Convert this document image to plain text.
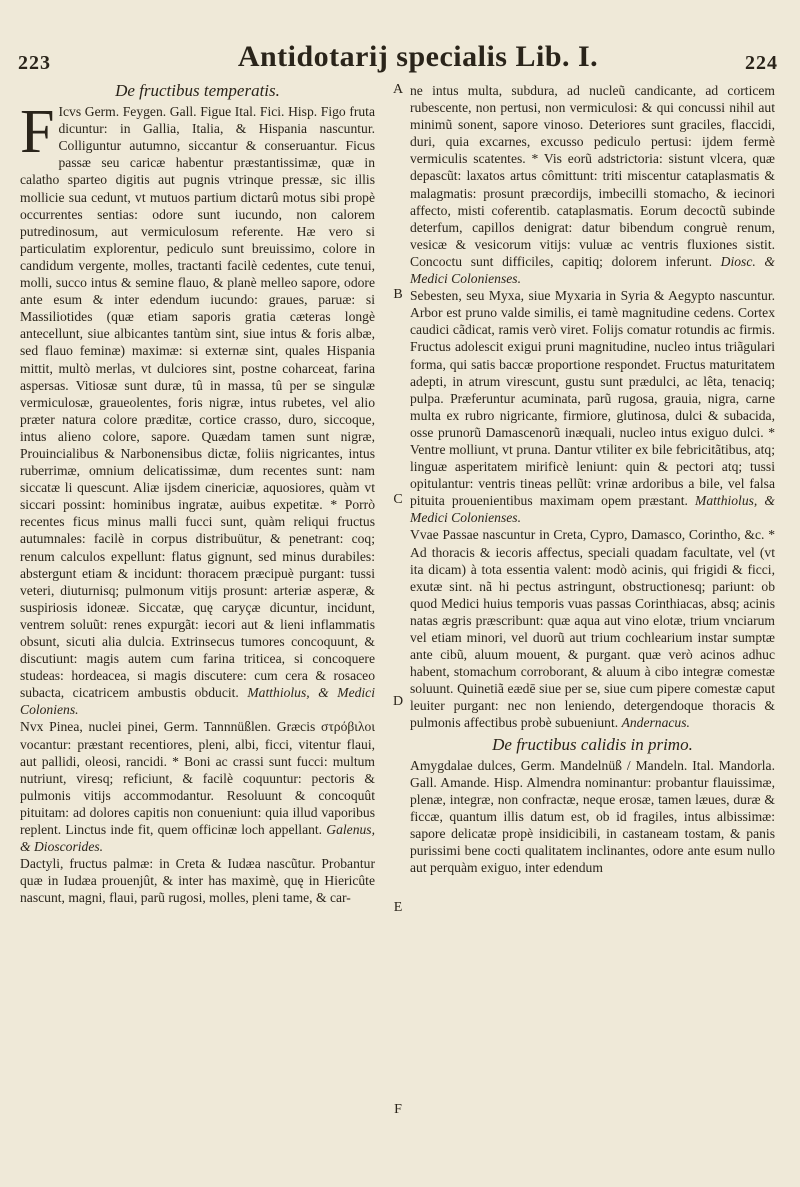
223	Antidotarij specialis Lib. I.	224
De fructibus temperatis.

F Icvs Germ. Feygen. Gall. Figue Ital. Fici. Hisp. Figo fruta dicuntur: in Gallia, Italia, & Hispania nascuntur. Colliguntur autumno, siccantur & conseruantur. Ficus passæ seu caricæ habentur præstantissimæ, quæ in calatho sparteo digitis aut pugnis vtrinque pressæ, sic illis mollicie sua cedunt, vt mutuos partium dictarû motus sibi propè occurrentes sentias: odore sunt iucundo, non calorem putredinosum, aut vermiculosum referente. Hæ vero si particulatim explorentur, pediculo sunt breuissimo, colore in candidum vergente, molles, tractanti facilè cedentes, cute tenui, molli, succo intus & semine flauo, & planè melleo sapore, odore ante esum & inter edendum iucundo: graues, paruæ: si Massiliotides (quæ etiam saporis gratia cæteras longè antecellunt, siue albicantes tantùm sint, siue intus & foris albæ, sed flauo feminæ) maximæ: si externæ sint, quales Hispania mittit, multò merlas, vt dulciores sint, postne coharceat, farina aspersas. Vitiosæ sunt duræ, tû in massa, tû per se singulæ vermiculosæ, graueolentes, foris nigræ, intus rubetes, vel alio præter natura colore præditæ, cortice crasso, duro, siccoque, intus alieno colore, sapore. Quædam tamen sunt nigræ, Prouincialibus & Narbonensibus dictæ, foliis nigricantes, intus ruberrimæ, omnium delicatissimæ, dum recentes sunt: nam siccatæ li quescunt. Aliæ ijsdem cinericiæ, aquosiores, quàm vt siccari possint: hominibus ingratæ, auibus expetitæ. * Porrò recentes ficus minus malli fucci sunt, quàm reliqui fructus autumnales: facilè in corpus distribuütur, & penetrant: coq; renum calculos expellunt: flatus gignunt, sed minus durabiles: abstergunt etiam & incidunt: thoracem præcipuè purgant: tussi veteri, diuturnisq; pulmonum vitijs prosunt: arteriæ asperæ, & suspiriosis idoneæ. Siccatæ, quę caryçæ dicuntur, incidunt, ventrem soluũt: renes expurgãt: iecori aut & lieni inflammatis obsunt, sicuti alia dulcia. Extrinsecus tumores concoquunt, & discutiunt: magis autem cum farina triticea, si concoquere studeas: hordeacea, si magis discutere: cum cera & rosaceo subacta, cicatricem ambustis obducit. Matthiolus, & Medici Coloniens.

Nvx Pinea, nuclei pinei, Germ. Tannnüßlen. Græcis στρόβιλοι vocantur: præstant recentiores, pleni, albi, ficci, vitentur flaui, aut pallidi, oleosi, rancidi. * Boni ac crassi sunt fucci: multum nutriunt, viresq; reficiunt, & facilè coquuntur: pectoris & pulmonis vitijs accommodantur. Resoluunt & concoquût pituitam: ad dolores capitis non conueniunt: quia illud vaporibus replent. Linctus inde fit, quem officinæ loch appellant. Galenus, & Dioscorides.

Dactyli, fructus palmæ: in Creta & Iudæa nascũtur. Probantur quæ in Iudæa prouenjût, & inter has maximè, quę in Hiericûte nascunt, magni, flaui, parũ rugosi, molles, pleni tame, & car-

A
B
C
D
E
F

ne intus multa, subdura, ad nucleũ candicante, ad corticem rubescente, non pertusi, non vermiculosi: & qui concussi nihil aut minimũ sonent, sapore vinoso. Deteriores sunt graciles, flaccidi, duri, quia excarnes, excusso pediculo pertusi: ijdem fermè vermiculis scatentes. * Vis eorũ adstrictoria: sistunt vlcera, quæ depascũt: laxatos artus cômittunt: triti miscentur cataplasmatis & malagmatis: prosunt præcordijs, imbecilli stomacho, & iecinori affecto, misti coferentib. cataplasmatis. Eorum decoctũ subinde deterfum, capillos denigrat: datur bibendum congruè renum, vesicæ & vesicorum vitijs: vuluæ ac ventris fluxiones sistit. Concoctu sunt difficiles, capitiq; dolorem inferunt. Diosc. & Medici Colonienses.

Sebesten, seu Myxa, siue Myxaria in Syria & Aegypto nascuntur. Arbor est pruno valde similis, ei tamè magnitudine cedens. Cortex caudici cãdicat, ramis verò viret. Folijs comatur rotundis ac firmis. Fructus adolescit exigui pruni magnitudine, nucleo intus triãgulari forma, qui satis baccæ proportione respondet. Fructus maturitatem adepti, in atrum virescunt, gustu sunt prædulci, ac lêta, tenaciq; pulpa. Præferuntur acuminata, parũ rugosa, grauia, nigra, carne multa ex rubro nigricante, firmiore, glutinosa, dulci & subacida, osse prunorũ Damascenorũ inæquali, nucleo intus exiguo dulci. * Ventre molliunt, vt pruna. Dantur vtiliter ex bile febricitãtibus, atq; linguæ asperitatem mirificè leniunt: quin & pectori atq; tussi opitulantur: ventris tineas pellũt: vrinæ ardoribus a bile, vel falsa pituita prouenientibus maximam opem præstant. Matthiolus, & Medici Colonienses.

Vvae Passae nascuntur in Creta, Cypro, Damasco, Corintho, &c. * Ad thoracis & iecoris affectus, speciali quadam facultate, vel (vt ita dicam) à tota essentia valent: modò acinis, qui frigidi & ficci, exutæ sint. nã hi pectus astringunt, obstructionesq; pariunt: ob quod Medici huius temporis vuas passas Corinthiacas, absq; acinis natas ægris præscribunt: quæ aqua aut vino elotæ, trium vnciarum vel etiam minori, vel duorũ aut trium cochlearium instar sumptæ ante cibũ, aluum mouent, & purgant. quæ verò acinos adhuc habent, stomachum corroborant, & aluum à cibo integræ comestæ soluunt. Quinetiã eædē siue per se, siue cum pipere comestæ caput leuiter purgant: nec non leniendo, detergendoque thoracis & pulmonis affectibus probè subueniunt. Andernacus.

De fructibus calidis in primo.

Amygdalae dulces, Germ. Mandelnüß / Mandeln. Ital. Mandorla. Gall. Amande. Hisp. Almendra nominantur: probantur flauissimæ, plenæ, integræ, non confractæ, neque erosæ, tamen læues, duræ & ficcæ, quantum illis datum est, ob id fragiles, intus albissimæ: sapore delicatæ propè insidicibili, in castaneam tostam, & panis purissimi bene cocti qualitatem inclinantes, odore ante esum nullo aut perquàm exiguo, inter edendum
